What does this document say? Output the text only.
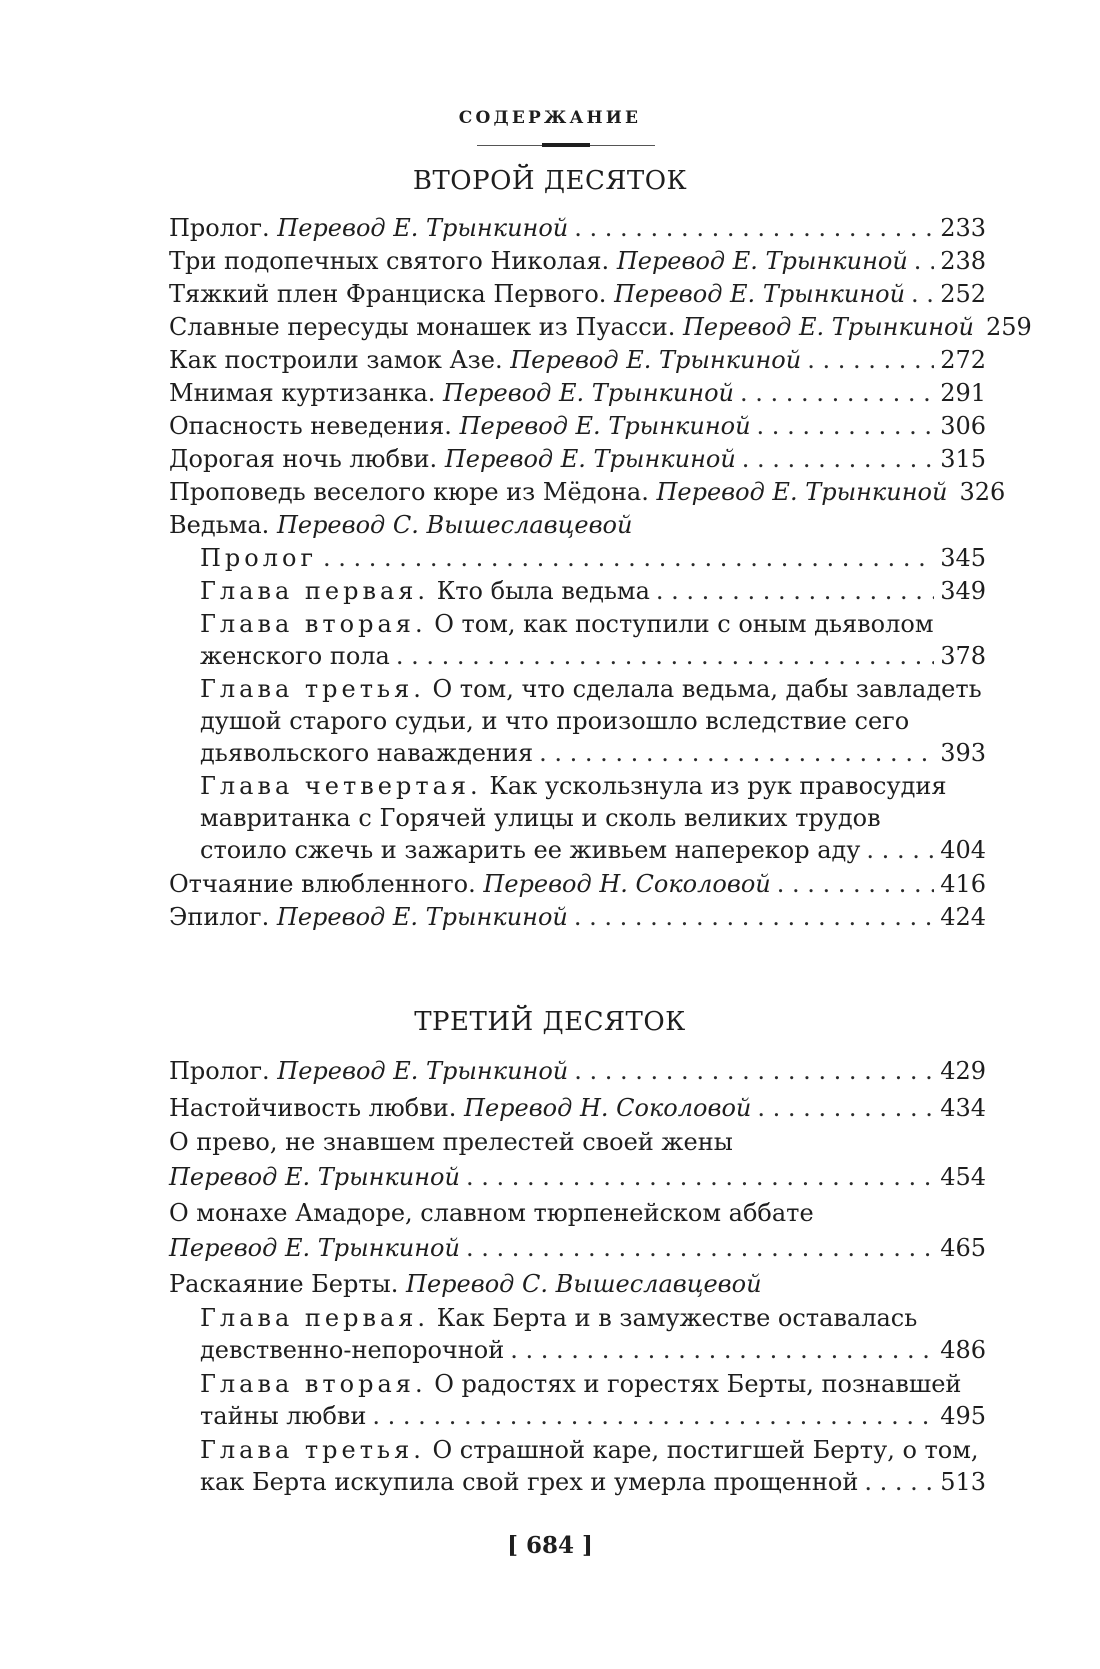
СОДЕРЖАНИЕ
ВТОРОЙ ДЕСЯТОК
Пролог. Перевод Е. Трынкиной . . .	233
Три подопечных святого Николая. Перевод Е. Трынкиной . . . 238
Тяжкий плен Франциска Первого. Перевод Е. Трынкиной . . . 252
Славные пересуды монашек из Пуасси. Перевод Е. Трынкиной 259
Как построили замок Азе. Перевод Е. Трынкиной . . .	272
Мнимая куртизанка. Перевод Е. Трынкиной . . .	291
Опасность неведения. Перевод Е. Трынкиной . . .	306
Дорогая ночь любви. Перевод Е. Трынкиной . . .	315
Проповедь веселого кюре из Мёдона. Перевод Е. Трынкиной 326
Ведьма. Перевод С. Вышеславцевой
Пролог . . .	345
Глава первая. Кто была ведьма . . .	349
Глава вторая. О том, как поступили с оным дьяволом
женского пола . . .	378
Глава третья. О том, что сделала ведьма, дабы завладеть
душой старого судьи, и что произошло вследствие сего
дьявольского наваждения . . .	393
Глава четвертая. Как ускользнула из рук правосудия
мавританка с Горячей улицы и сколь великих трудов
стоило сжечь и зажарить ее живьем наперекор аду . . .	404
Отчаяние влюбленного. Перевод Н. Соколовой . . .	416
Эпилог. Перевод Е. Трынкиной . . .	424
ТРЕТИЙ ДЕСЯТОК
Пролог. Перевод Е. Трынкиной . . .	429
Настойчивость любви. Перевод Н. Соколовой . . .	434
О прево, не знавшем прелестей своей жены
Перевод Е. Трынкиной . . .	454
О монахе Амадоре, славном тюрпенейском аббате
Перевод Е. Трынкиной . . .	465
Раскаяние Берты. Перевод С. Вышеславцевой
Глава первая. Как Берта и в замужестве оставалась
девственно-непорочной . . .	486
Глава вторая. О радостях и горестях Берты, познавшей
тайны любви . . .	495
Глава третья. О страшной каре, постигшей Берту, о том,
как Берта искупила свой грех и умерла прощенной . . .	513
[ 684 ]
